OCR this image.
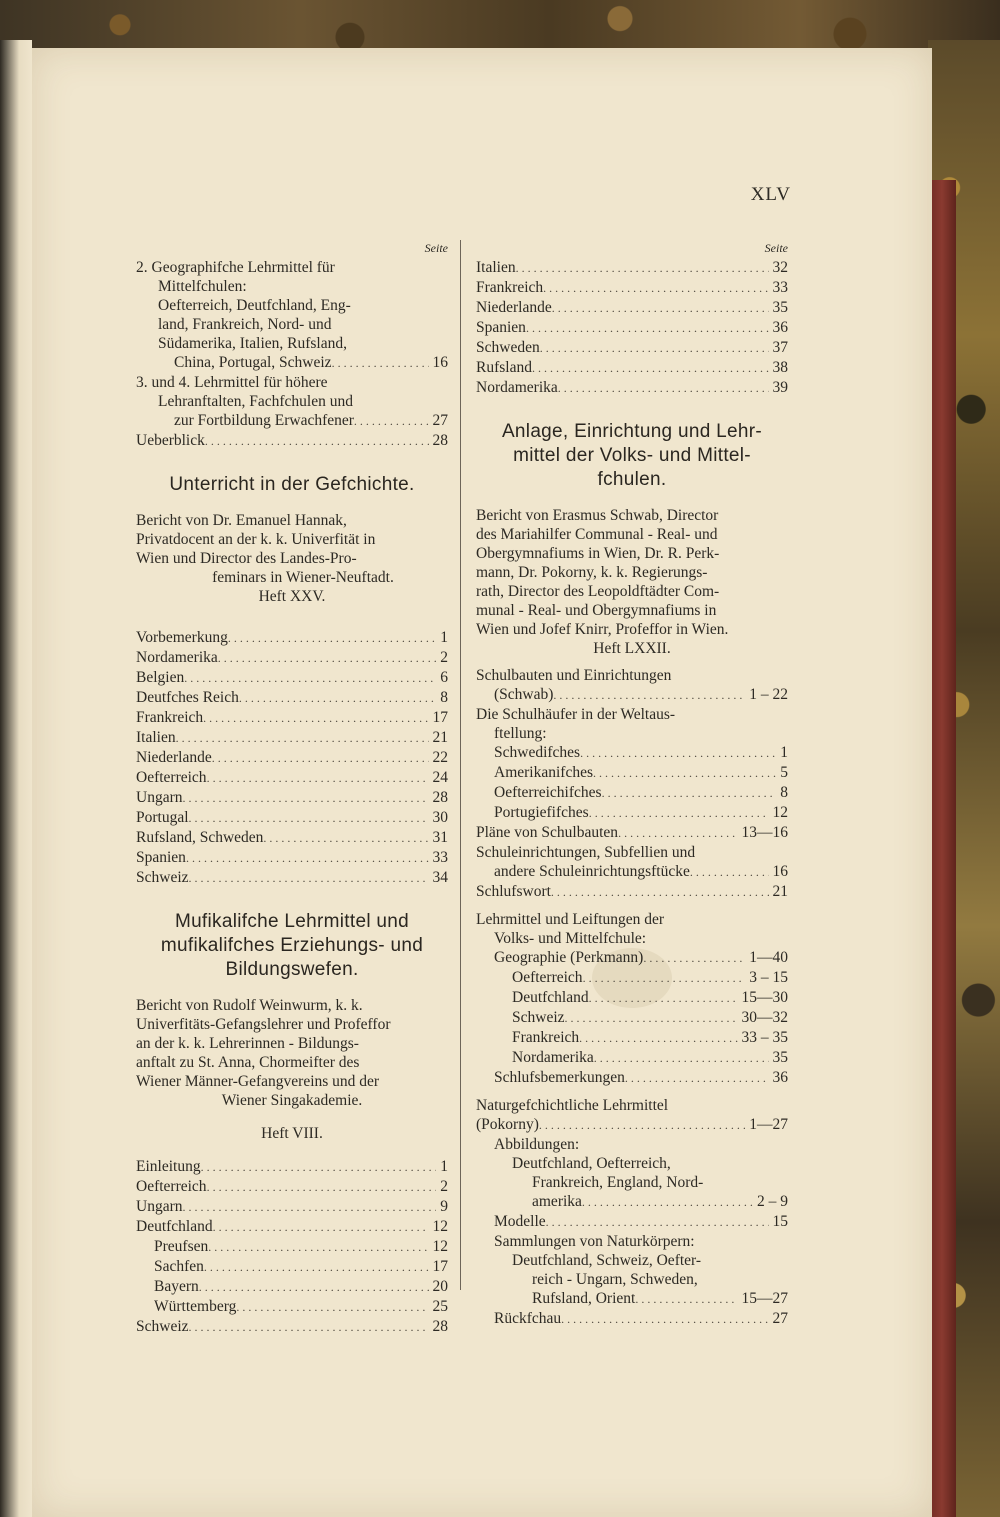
XLV
Seite
2. Geographifche Lehrmittel für
Mittelfchulen:
Oefterreich, Deutfchland, Eng-
land, Frankreich, Nord- und
Südamerika, Italien, Rufsland,
China, Portugal, Schweiz . . .	16
3. und 4. Lehrmittel für höhere
Lehranftalten, Fachfchulen und
zur Fortbildung Erwachfener . . .	27
Ueberblick . . .	28
Unterricht in der Gefchichte.
Bericht von Dr. Emanuel Hannak,
Privatdocent an der k. k. Univerfität in
Wien und Director des Landes-Pro-
feminars in Wiener-Neuftadt.
Heft XXV.
Vorbemerkung . . .	1
Nordamerika . . .	2
Belgien . . .	6
Deutfches Reich . . .	8
Frankreich . . .	17
Italien . . .	21
Niederlande . . .	22
Oefterreich . . .	24
Ungarn . . .	28
Portugal . . .	30
Rufsland, Schweden . . .	31
Spanien . . .	33
Schweiz . . .	34
Mufikalifche Lehrmittel und
mufikalifches Erziehungs- und
Bildungswefen.
Bericht von Rudolf Weinwurm, k. k.
Univerfitäts-Gefangslehrer und Profeffor
an der k. k. Lehrerinnen - Bildungs-
anftalt zu St. Anna, Chormeifter des
Wiener Männer-Gefangvereins und der
Wiener Singakademie.
Heft VIII.
Einleitung . . .	1
Oefterreich . . .	2
Ungarn . . .	9
Deutfchland . . .	12
Preufsen . . .	12
Sachfen . . .	17
Bayern . . .	20
Württemberg . . .	25
Schweiz . . .	28
Seite
Italien . . .	32
Frankreich . . .	33
Niederlande . . .	35
Spanien . . .	36
Schweden . . .	37
Rufsland . . .	38
Nordamerika . . .	39
Anlage, Einrichtung und Lehr-
mittel der Volks- und Mittel-
fchulen.
Bericht von Erasmus Schwab, Director
des Mariahilfer Communal - Real- und
Obergymnafiums in Wien, Dr. R. Perk-
mann, Dr. Pokorny, k. k. Regierungs-
rath, Director des Leopoldftädter Com-
munal - Real- und Obergymnafiums in
Wien und Jofef Knirr, Profeffor in Wien.
Heft LXXII.
Schulbauten und Einrichtungen
(Schwab) . . .	1 – 22
Die Schulhäufer in der Weltaus-
ftellung:
Schwedifches . . .	1
Amerikanifches . . .	5
Oefterreichifches . . .	8
Portugiefifches . . .	12
Pläne von Schulbauten . . .	13—16
Schuleinrichtungen, Subfellien und
andere Schuleinrichtungsftücke . . .	16
Schlufswort . . .	21
Lehrmittel und Leiftungen der
Volks- und Mittelfchule:
Geographie (Perkmann) . . .	1—40
Oefterreich . . .	3 – 15
Deutfchland . . .	15—30
Schweiz . . .	30—32
Frankreich . . .	33 – 35
Nordamerika . . .	35
Schlufsbemerkungen . . .	36
Naturgefchichtliche Lehrmittel
(Pokorny) . . .	1—27
Abbildungen:
Deutfchland, Oefterreich,
Frankreich, England, Nord-
amerika . . .	2 – 9
Modelle . . .	15
Sammlungen von Naturkörpern:
Deutfchland, Schweiz, Oefter-
reich - Ungarn, Schweden,
Rufsland, Orient . . .	15—27
Rückfchau . . .	27
